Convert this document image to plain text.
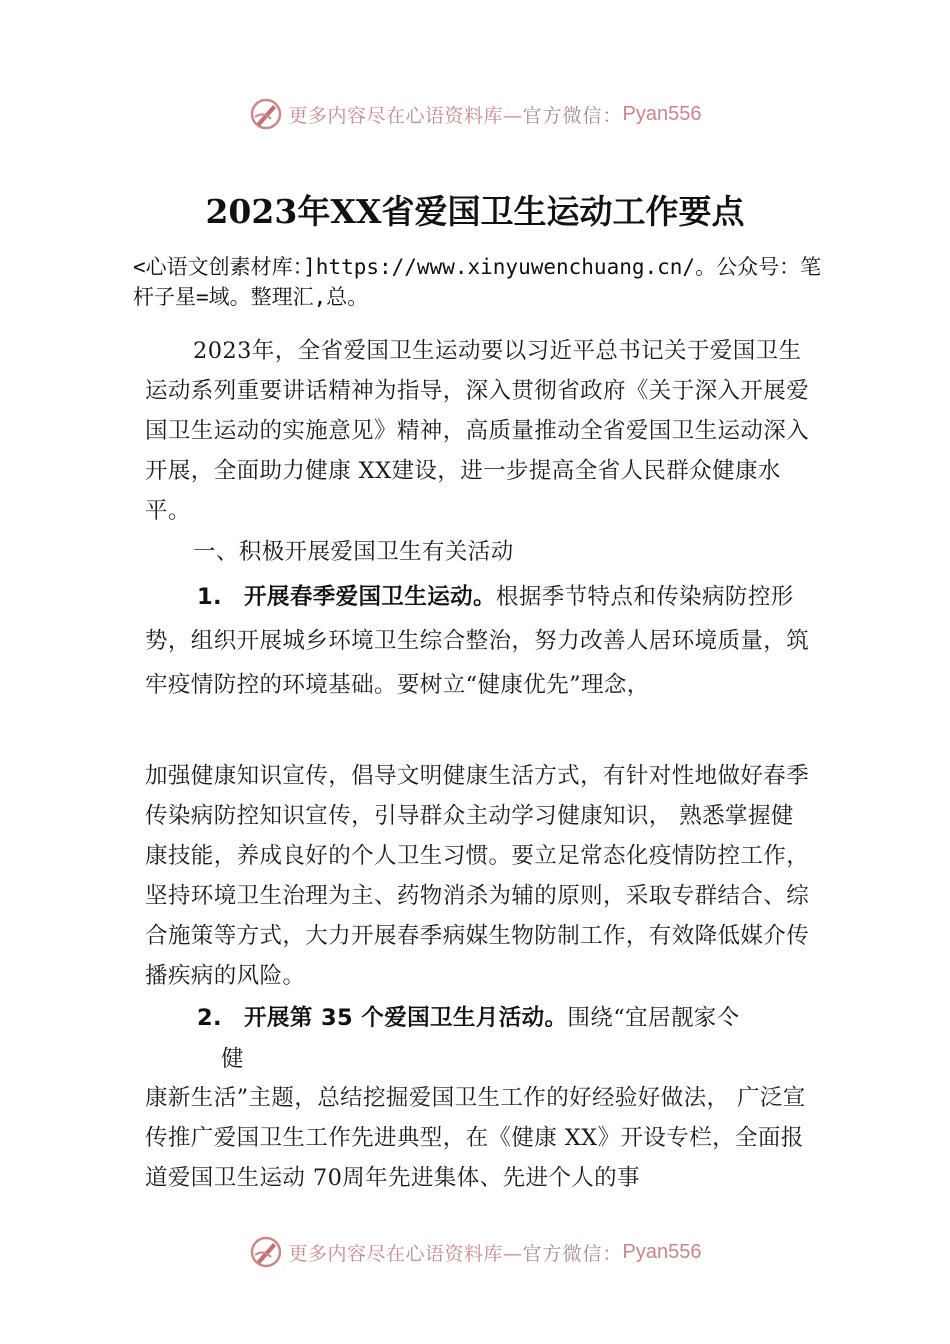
更多内容尽在心语资料库— 官方微信： Pyan556
2023年XX省爱国卫生运动工作要点
<心语文创素材库：]https://www.xinyuwenchuang.cn/。公众号：笔杆子星=域。整理汇,总。
2023年，全省爱国卫生运动要以习近平总书记关于爱国卫生运动系列重要讲话精神为指导，深入贯彻省政府《关于深入开展爱国卫生运动的实施意见》精神，高质量推动全省爱国卫生运动深入开展，全面助力健康 XX建设，进一步提高全省人民群众健康水平。
一、积极开展爱国卫生有关活动
1. 开展春季爱国卫生运动。根据季节特点和传染病防控形势，组织开展城乡环境卫生综合整治，努力改善人居环境质量，筑牢疫情防控的环境基础。要树立“健康优先”理念，
加强健康知识宣传，倡导文明健康生活方式，有针对性地做好春季传染病防控知识宣传，引导群众主动学习健康知识， 熟悉掌握健康技能，养成良好的个人卫生习惯。要立足常态化疫情防控工作，坚持环境卫生治理为主、药物消杀为辅的原则，采取专群结合、综合施策等方式，大力开展春季病媒生物防制工作，有效降低媒介传播疾病的风险。
2. 开展第 35 个爱国卫生月活动。围绕“宜居靓家仒
健
康新生活”主题，总结挖掘爱国卫生工作的好经验好做法， 广泛宣传推广爱国卫生工作先进典型，在《健康 XX》开设专栏，全面报道爱国卫生运动 70周年先进集体、先进个人的事
更多内容尽在心语资料库— 官方微信： Pyan556
